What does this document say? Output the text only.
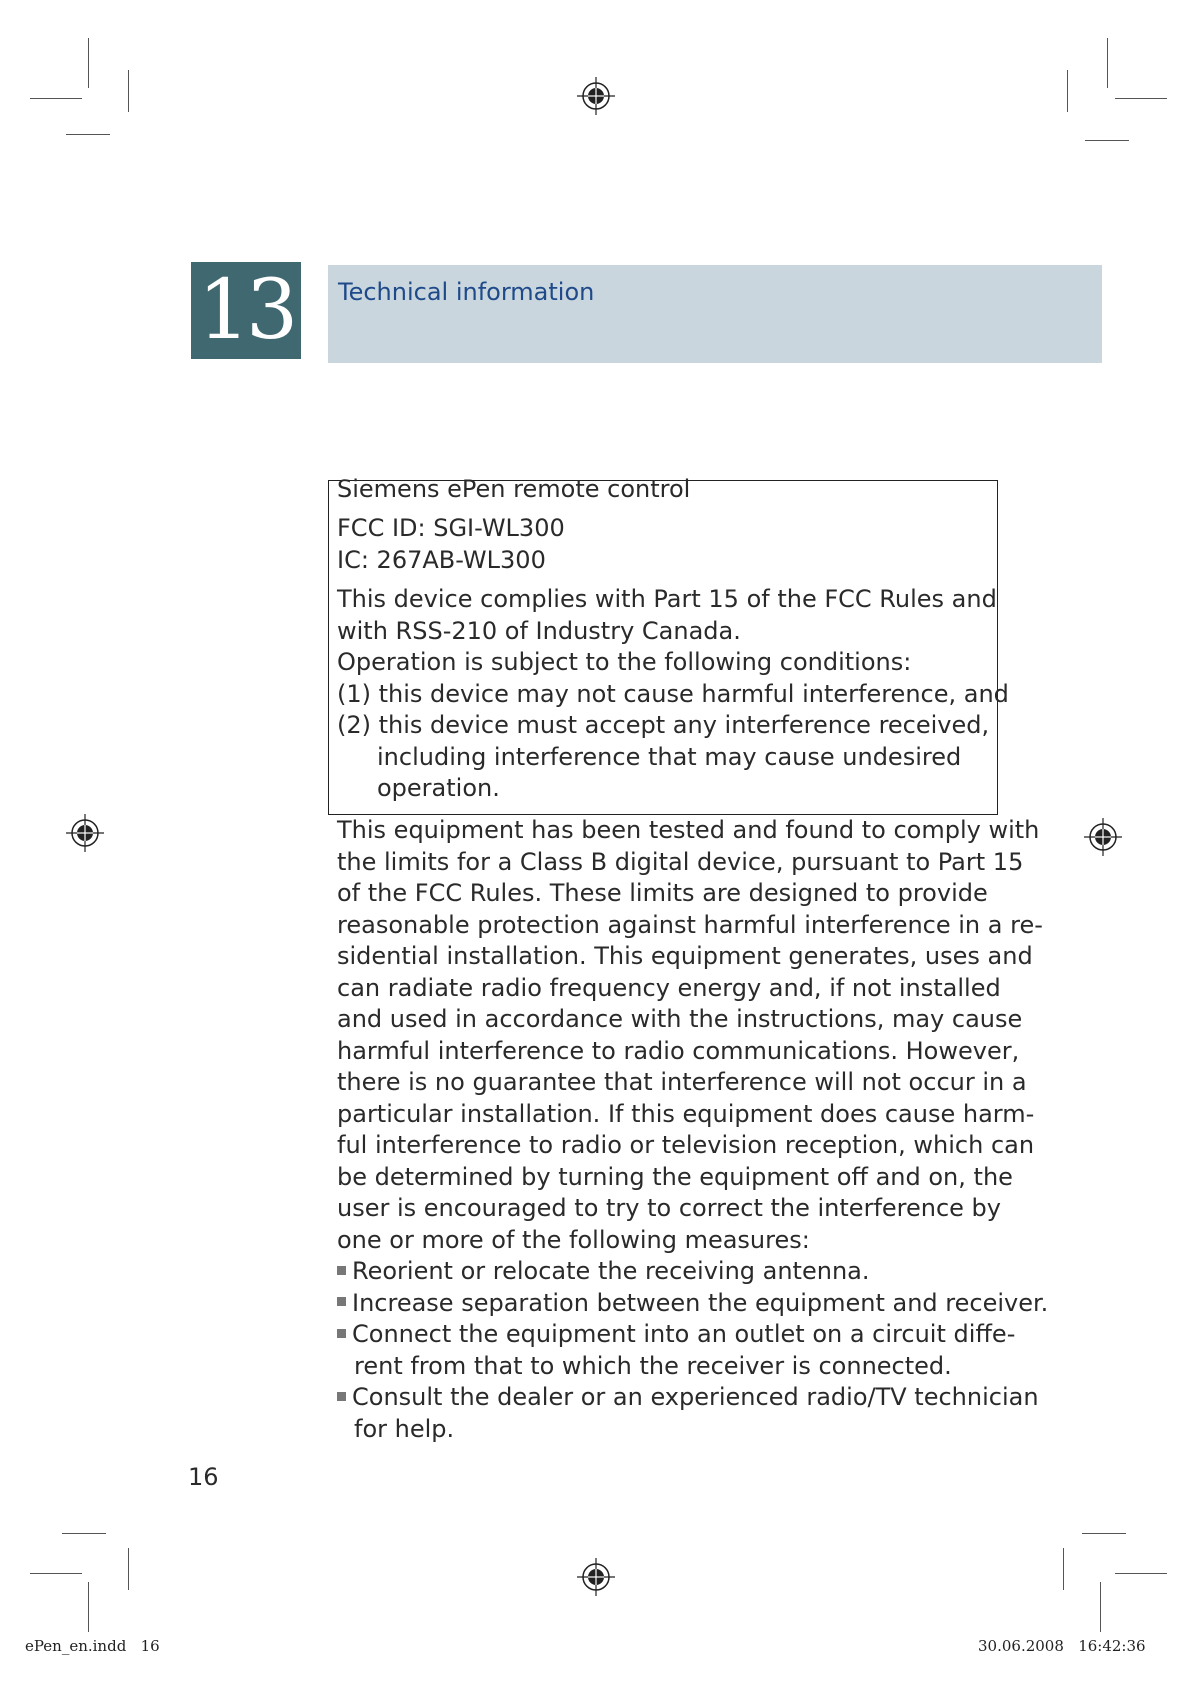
13 Technical information
Siemens ePen remote control
FCC ID: SGI-WL300
IC: 267AB-WL300
This device complies with Part 15 of the FCC Rules and
with RSS-210 of Industry Canada.
Operation is subject to the following conditions:
(1) this device may not cause harmful interference, and
(2) this device must accept any interference received,
including interference that may cause undesired
operation.
This equipment has been tested and found to comply with
the limits for a Class B digital device, pursuant to Part 15
of the FCC Rules. These limits are designed to provide
reasonable protection against harmful interference in a re-
sidential installation. This equipment generates, uses and
can radiate radio frequency energy and, if not installed
and used in accordance with the instructions, may cause
harmful interference to radio communications. However,
there is no guarantee that interference will not occur in a
particular installation. If this equipment does cause harm-
ful interference to radio or television reception, which can
be determined by turning the equipment off and on, the
user is encouraged to try to correct the interference by
one or more of the following measures:
Reorient or relocate the receiving antenna.
Increase separation between the equipment and receiver.
Connect the equipment into an outlet on a circuit diffe-
rent from that to which the receiver is connected.
Consult the dealer or an experienced radio/TV technician
for help.
16
ePen_en.indd   16	30.06.2008   16:42:36
